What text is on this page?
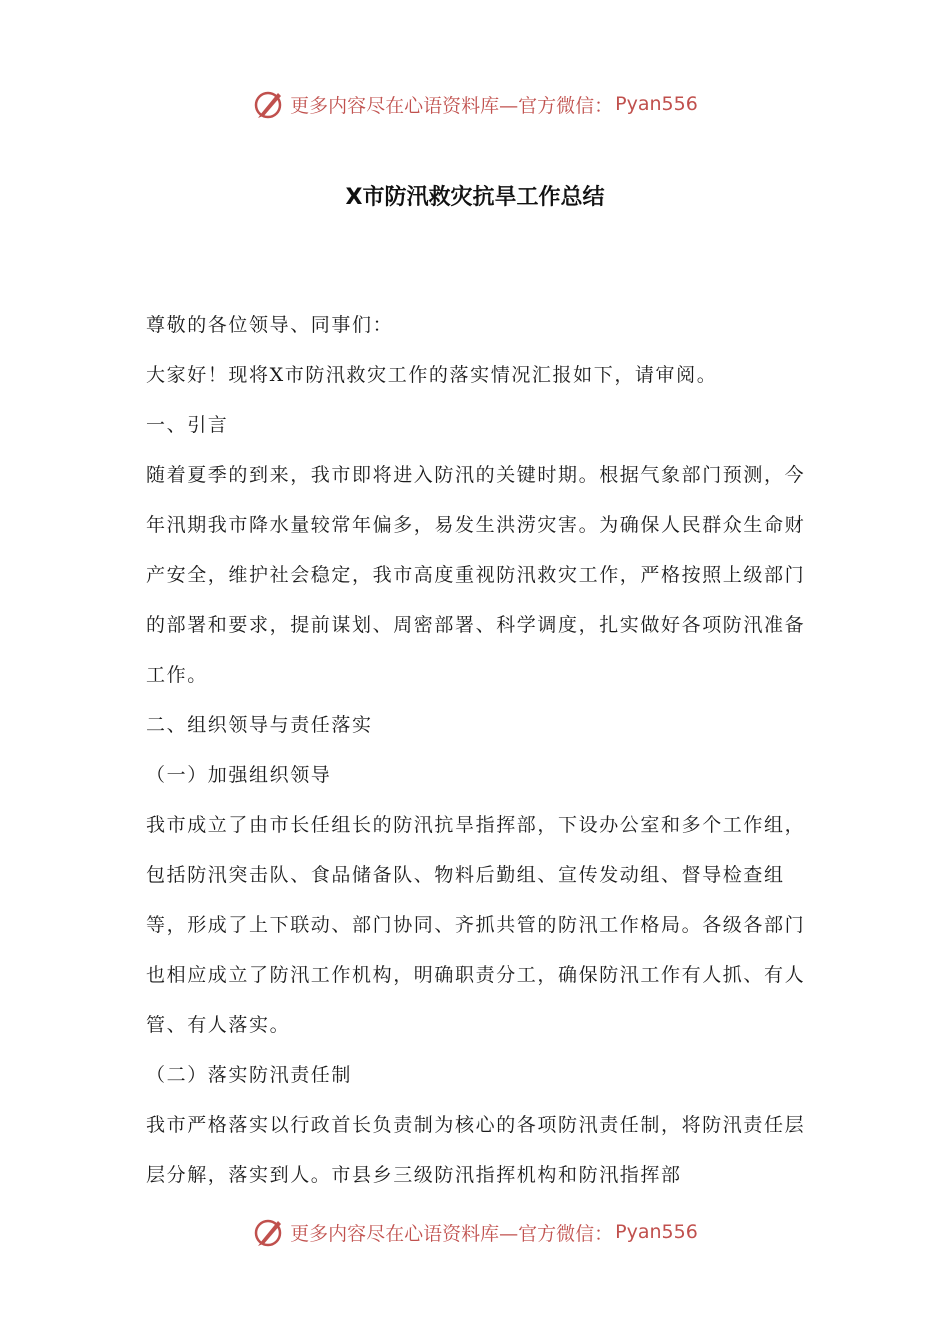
更多内容尽在心语资料库—官方微信： Pyan556
X市防汛救灾抗旱工作总结

尊敬的各位领导、同事们：

大家好！现将X市防汛救灾工作的落实情况汇报如下，请审阅。

一、引言

随着夏季的到来，我市即将进入防汛的关键时期。根据气象部门预测，今年汛期我市降水量较常年偏多，易发生洪涝灾害。为确保人民群众生命财产安全，维护社会稳定，我市高度重视防汛救灾工作，严格按照上级部门的部署和要求，提前谋划、周密部署、科学调度，扎实做好各项防汛准备工作。

二、组织领导与责任落实

（一）加强组织领导

我市成立了由市长任组长的防汛抗旱指挥部，下设办公室和多个工作组，包括防汛突击队、食品储备队、物料后勤组、宣传发动组、督导检查组等，形成了上下联动、部门协同、齐抓共管的防汛工作格局。各级各部门也相应成立了防汛工作机构，明确职责分工，确保防汛工作有人抓、有人管、有人落实。

（二）落实防汛责任制

我市严格落实以行政首长负责制为核心的各项防汛责任制，将防汛责任层层分解，落实到人。市县乡三级防汛指挥机构和防汛指挥部

更多内容尽在心语资料库—官方微信： Pyan556
